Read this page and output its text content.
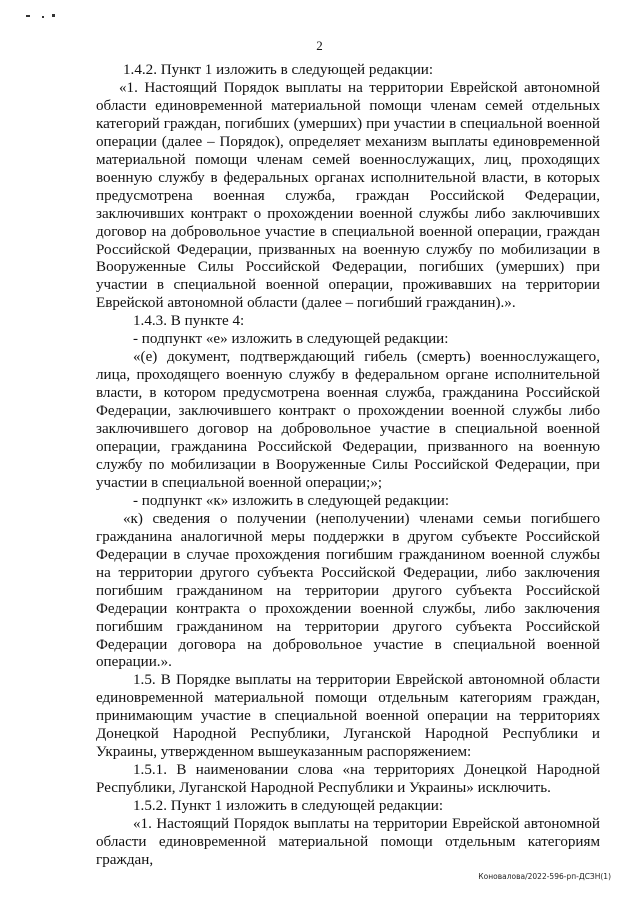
2

1.4.2. Пункт 1 изложить в следующей редакции:

«1. Настоящий Порядок выплаты на территории Еврейской автономной области единовременной материальной помощи членам семей отдельных категорий граждан, погибших (умерших) при участии в специальной военной операции (далее – Порядок), определяет механизм выплаты единовременной материальной помощи членам семей военнослужащих, лиц, проходящих военную службу в федеральных органах исполнительной власти, в которых предусмотрена военная служба, граждан Российской Федерации, заключивших контракт о прохождении военной службы либо заключивших договор на добровольное участие в специальной военной операции, граждан Российской Федерации, призванных на военную службу по мобилизации в Вооруженные Силы Российской Федерации, погибших (умерших) при участии в специальной военной операции, проживавших на территории Еврейской автономной области (далее – погибший гражданин).».

1.4.3. В пункте 4:

- подпункт «е» изложить в следующей редакции:

«(е) документ, подтверждающий гибель (смерть) военнослужащего, лица, проходящего военную службу в федеральном органе исполнительной власти, в котором предусмотрена военная служба, гражданина Российской Федерации, заключившего контракт о прохождении военной службы либо заключившего договор на добровольное участие в специальной военной операции, гражданина Российской Федерации, призванного на военную службу по мобилизации в Вооруженные Силы Российской Федерации, при участии в специальной военной операции;»;

- подпункт «к» изложить в следующей редакции:

«к) сведения о получении (неполучении) членами семьи погибшего гражданина аналогичной меры поддержки в другом субъекте Российской Федерации в случае прохождения погибшим гражданином военной службы на территории другого субъекта Российской Федерации, либо заключения погибшим гражданином на территории другого субъекта Российской Федерации контракта о прохождении военной службы, либо заключения погибшим гражданином на территории другого субъекта Российской Федерации договора на добровольное участие в специальной военной операции.».

1.5. В Порядке выплаты на территории Еврейской автономной области единовременной материальной помощи отдельным категориям граждан, принимающим участие в специальной военной операции на территориях Донецкой Народной Республики, Луганской Народной Республики и Украины, утвержденном вышеуказанным распоряжением:

1.5.1. В наименовании слова «на территориях Донецкой Народной Республики, Луганской Народной Республики и Украины» исключить.

1.5.2. Пункт 1 изложить в следующей редакции:

«1. Настоящий Порядок выплаты на территории Еврейской автономной области единовременной материальной помощи отдельным категориям граждан,

Коновалова/2022-596-рп-ДСЗН(1)
